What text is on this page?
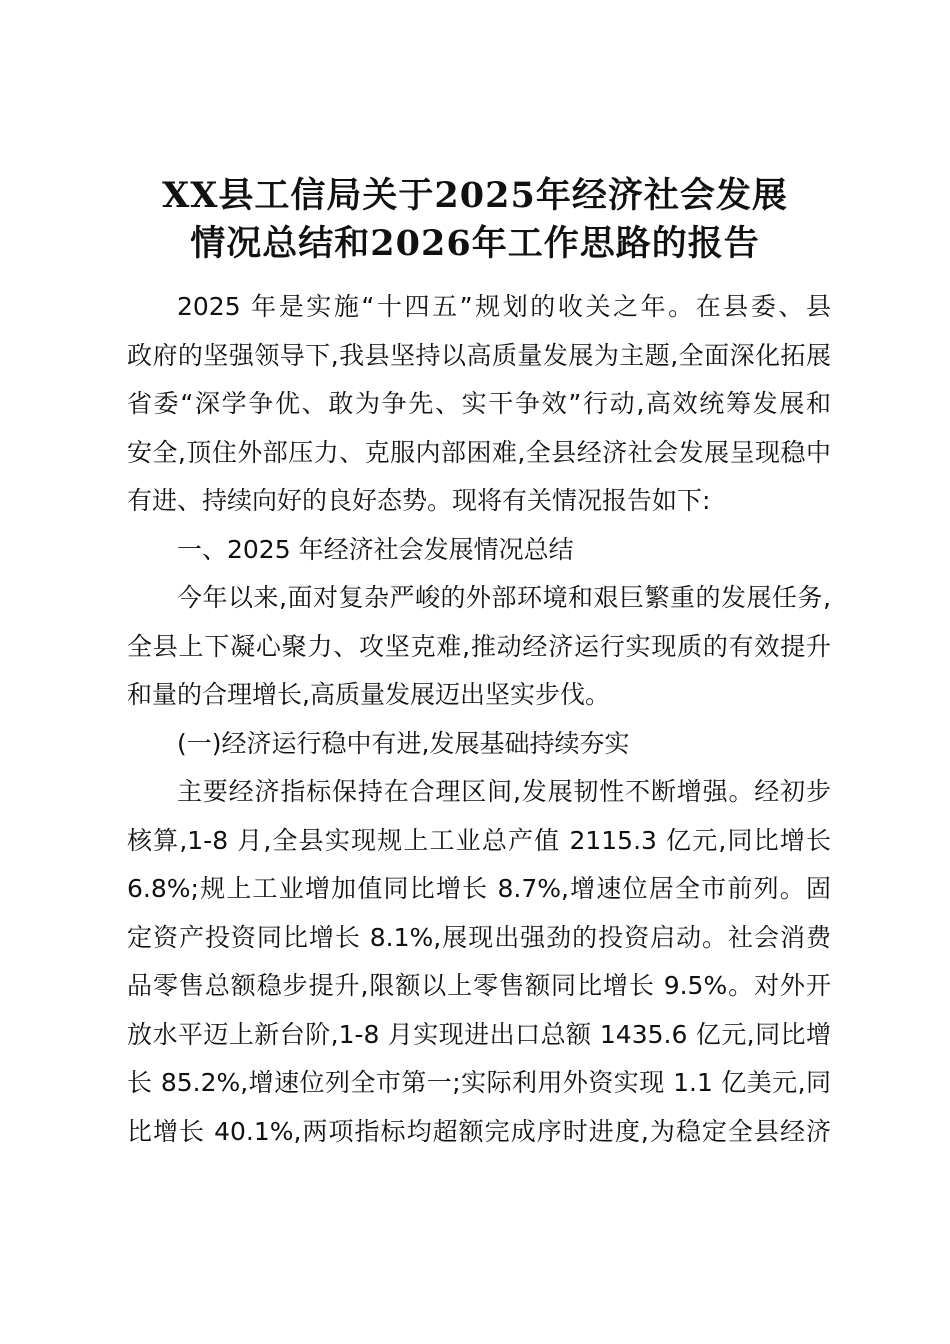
XX县工信局关于2025年经济社会发展
情况总结和2026年工作思路的报告
2025 年是实施“十四五”规划的收关之年。在县委、县
政府的坚强领导下,我县坚持以高质量发展为主题,全面深化拓展
省委“深学争优、敢为争先、实干争效”行动,高效统筹发展和
安全,顶住外部压力、克服内部困难,全县经济社会发展呈现稳中
有进、持续向好的良好态势。现将有关情况报告如下:
一、2025 年经济社会发展情况总结
今年以来,面对复杂严峻的外部环境和艰巨繁重的发展任务,
全县上下凝心聚力、攻坚克难,推动经济运行实现质的有效提升
和量的合理增长,高质量发展迈出坚实步伐。
(一)经济运行稳中有进,发展基础持续夯实
主要经济指标保持在合理区间,发展韧性不断增强。经初步
核算,1-8 月,全县实现规上工业总产值 2115.3 亿元,同比增长
6.8%;规上工业增加值同比增长 8.7%,增速位居全市前列。固
定资产投资同比增长 8.1%,展现出强劲的投资启动。社会消费
品零售总额稳步提升,限额以上零售额同比增长 9.5%。对外开
放水平迈上新台阶,1-8 月实现进出口总额 1435.6 亿元,同比增
长 85.2%,增速位列全市第一;实际利用外资实现 1.1 亿美元,同
比增长 40.1%,两项指标均超额完成序时进度,为稳定全县经济
